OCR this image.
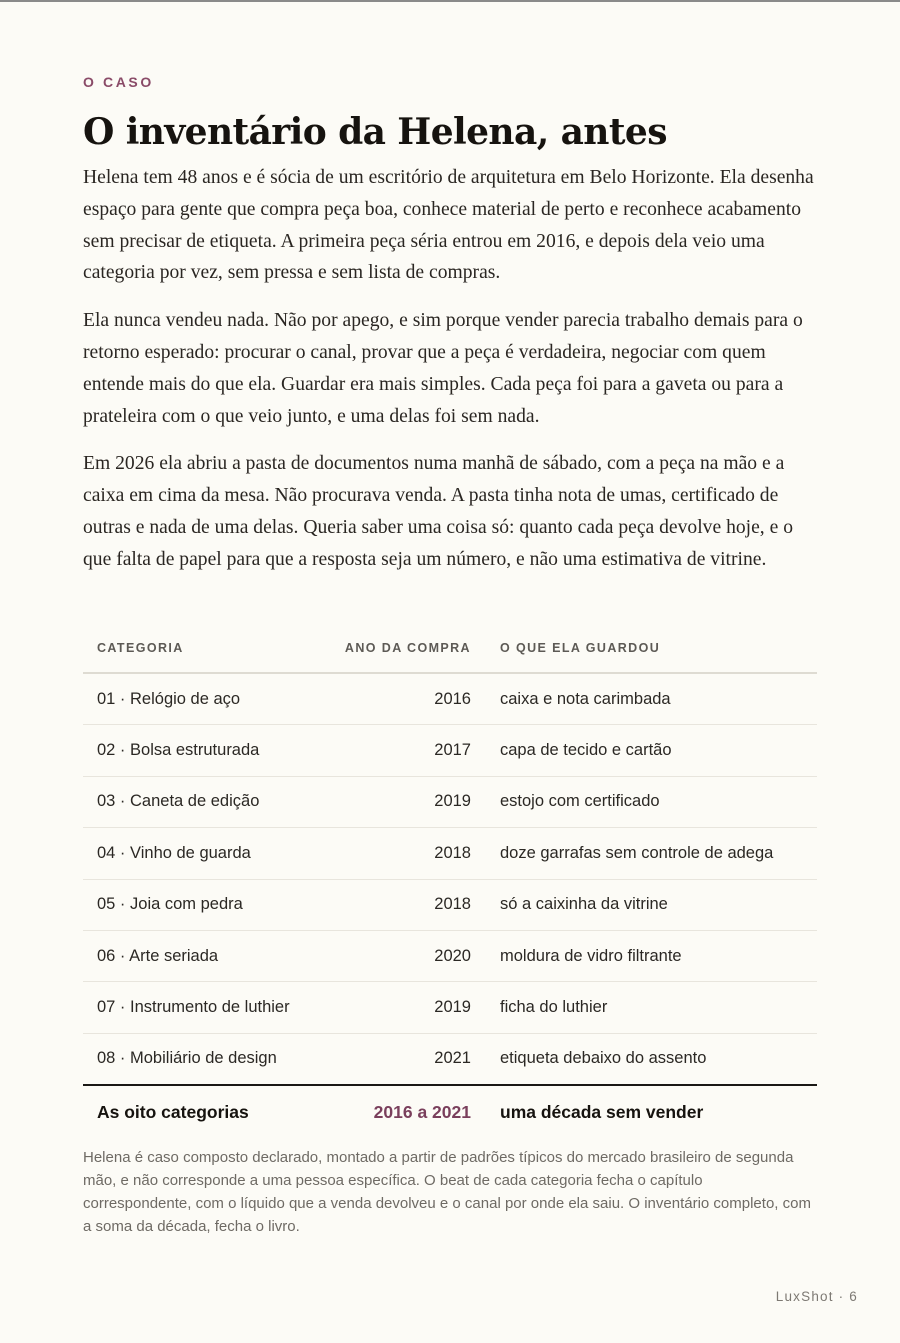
O CASO
O inventário da Helena, antes

Helena tem 48 anos e é sócia de um escritório de arquitetura em Belo Horizonte. Ela desenha espaço para gente que compra peça boa, conhece material de perto e reconhece acabamento sem precisar de etiqueta. A primeira peça séria entrou em 2016, e depois dela veio uma categoria por vez, sem pressa e sem lista de compras.

Ela nunca vendeu nada. Não por apego, e sim porque vender parecia trabalho demais para o retorno esperado: procurar o canal, provar que a peça é verdadeira, negociar com quem entende mais do que ela. Guardar era mais simples. Cada peça foi para a gaveta ou para a prateleira com o que veio junto, e uma delas foi sem nada.

Em 2026 ela abriu a pasta de documentos numa manhã de sábado, com a peça na mão e a caixa em cima da mesa. Não procurava venda. A pasta tinha nota de umas, certificado de outras e nada de uma delas. Queria saber uma coisa só: quanto cada peça devolve hoje, e o que falta de papel para que a resposta seja um número, e não uma estimativa de vitrine.

CATEGORIA	ANO DA COMPRA	O QUE ELA GUARDOU
01 · Relógio de aço	2016	caixa e nota carimbada
02 · Bolsa estruturada	2017	capa de tecido e cartão
03 · Caneta de edição	2019	estojo com certificado
04 · Vinho de guarda	2018	doze garrafas sem controle de adega
05 · Joia com pedra	2018	só a caixinha da vitrine
06 · Arte seriada	2020	moldura de vidro filtrante
07 · Instrumento de luthier	2019	ficha do luthier
08 · Mobiliário de design	2021	etiqueta debaixo do assento
As oito categorias	2016 a 2021	uma década sem vender
Helena é caso composto declarado, montado a partir de padrões típicos do mercado brasileiro de segunda mão, e não corresponde a uma pessoa específica. O beat de cada categoria fecha o capítulo correspondente, com o líquido que a venda devolveu e o canal por onde ela saiu. O inventário completo, com a soma da década, fecha o livro.
LuxShot · 6
